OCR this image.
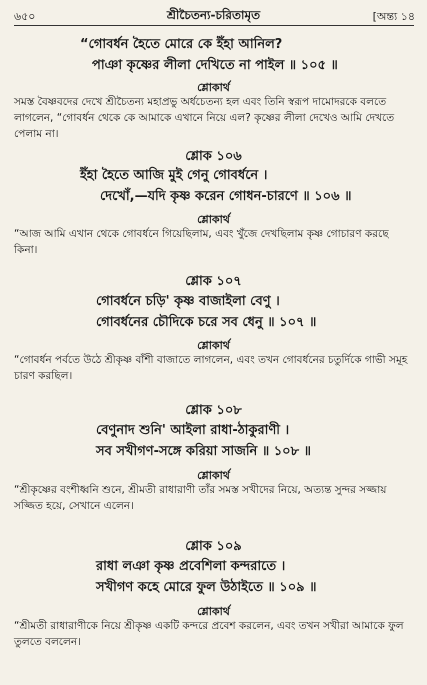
৬৫০	শ্রীচৈতন্য-চরিতামৃত	[অন্ত্য ১৪
“গোবর্ধন হৈতে মোরে কে ইঁহা আনিল?
পাঞা কৃষ্ণের লীলা দেখিতে না পাইল ॥ ১০৫ ॥
শ্লোকার্থ
সমস্ত বৈষ্ণবদের দেখে শ্রীচৈতন্য মহাপ্রভু অর্ধচেতন্য হল এবং তিনি স্বরূপ দামোদরকে বলতে লাগলেন, “গোবর্ধন থেকে কে আমাকে এখানে নিয়ে এল? কৃষ্ণের লীলা দেখেও আমি দেখতে পেলাম না।
শ্লোক ১০৬
ইঁহা হৈতে আজি মুই গেনু গোবর্ধনে ।
দেখোঁ,—যদি কৃষ্ণ করেন গোধন-চারণে ॥ ১০৬ ॥
শ্লোকার্থ
“আজ আমি এখান থেকে গোবর্ধনে গিয়েছিলাম, এবং খুঁজে দেখছিলাম কৃষ্ণ গোচারণ করছে কিনা।
শ্লোক ১০৭
গোবর্ধনে চড়ি' কৃষ্ণ বাজাইলা বেণু ।
গোবর্ধনের চৌদিকে চরে সব ধেনু ॥ ১০৭ ॥
শ্লোকার্থ
“গোবর্ধন পর্বতে উঠে শ্রীকৃষ্ণ বাঁশী বাজাতে লাগলেন, এবং তখন গোবর্ধনের চতুর্দিকে গাভী সমূহ চারণ করছিল।
শ্লোক ১০৮
বেণুনাদ শুনি' আইলা রাধা-ঠাকুরাণী ।
সব সখীগণ-সঙ্গে করিয়া সাজনি ॥ ১০৮ ॥
শ্লোকার্থ
“শ্রীকৃষ্ণের বংশীধ্বনি শুনে, শ্রীমতী রাধারাণী তাঁর সমস্ত সখীদের নিয়ে, অত্যন্ত সুন্দর সজ্জায় সজ্জিত হয়ে, সেখানে এলেন।
শ্লোক ১০৯
রাধা লঞা কৃষ্ণ প্রবেশিলা কন্দরাতে ।
সখীগণ কহে মোরে ফুল উঠাইতে ॥ ১০৯ ॥
শ্লোকার্থ
“শ্রীমতী রাধারাণীকে নিয়ে শ্রীকৃষ্ণ একটি কন্দরে প্রবেশ করলেন, এবং তখন সখীরা আমাকে ফুল তুলতে বললেন।
